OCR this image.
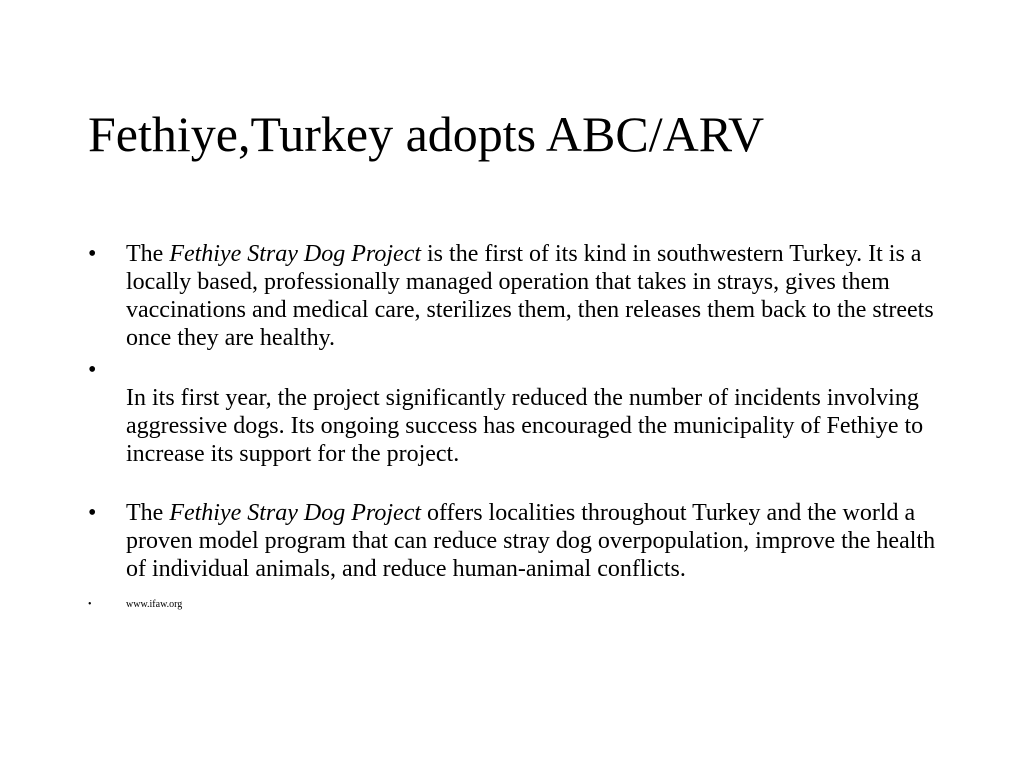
Fethiye,Turkey adopts ABC/ARV
•	The Fethiye Stray Dog Project is the first of its kind in southwestern Turkey. It is a locally based, professionally managed operation that takes in strays, gives them vaccinations and medical care, sterilizes them, then releases them back to the streets once they are healthy.
•
In its first year, the project significantly reduced the number of incidents involving aggressive dogs. Its ongoing success has encouraged the municipality of Fethiye to increase its support for the project.
•	The Fethiye Stray Dog Project offers localities throughout Turkey and the world a proven model program that can reduce stray dog overpopulation, improve the health of individual animals, and reduce human-animal conflicts.
•	www.ifaw.org
